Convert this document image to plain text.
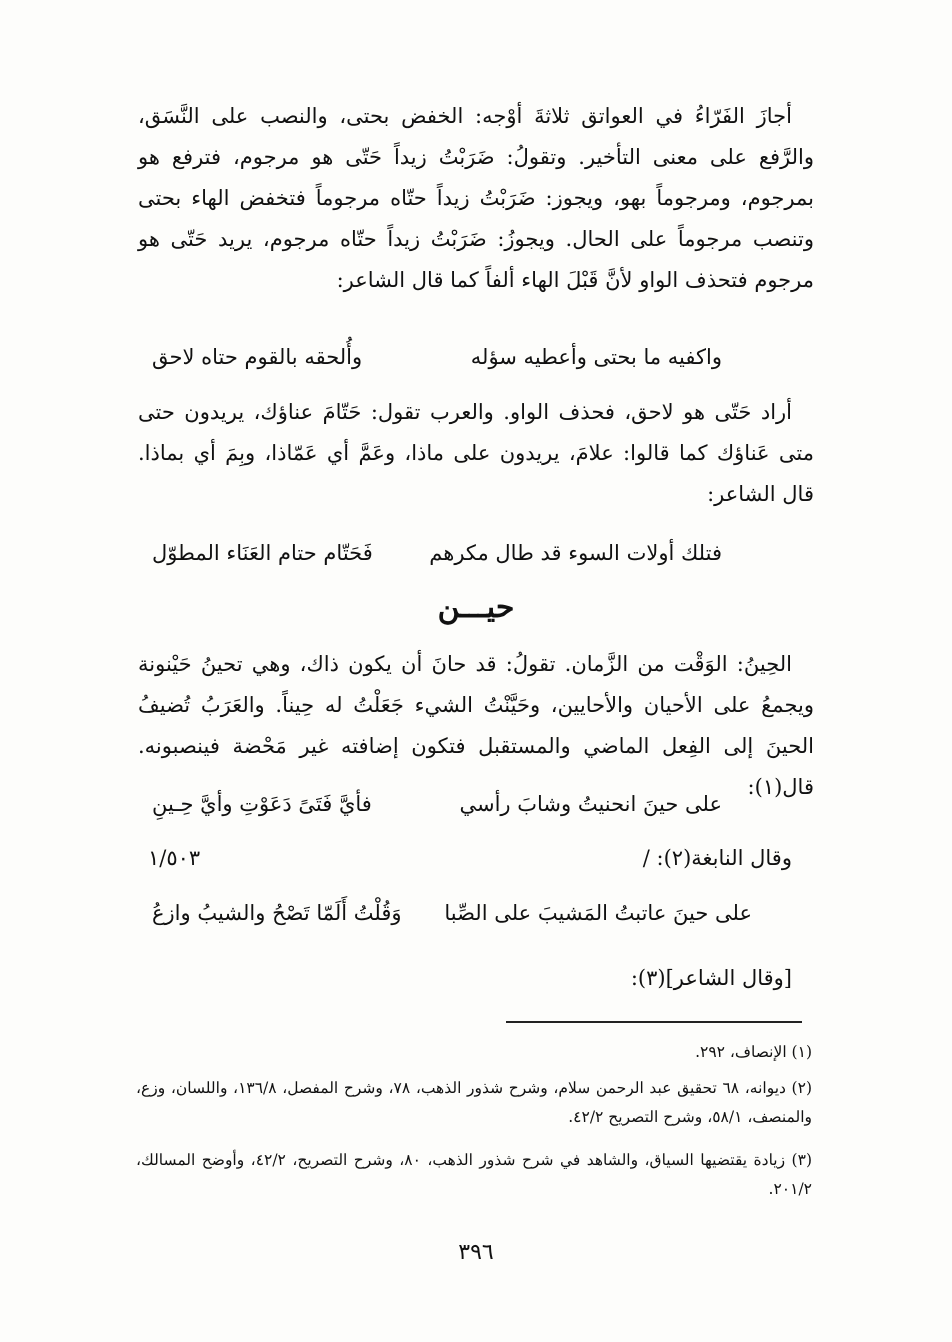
أجازَ الفَرّاءُ في العواتق ثلاثةَ أوْجه: الخفض بحتى، والنصب على النَّسَق، والرَّفع على معنى التأخير. وتقولُ: ضَرَبْتُ زيداً حَتّى هو مرجوم، فترفع هو بمرجوم، ومرجوماً بهو، ويجوز: ضَرَبْتُ زيداً حتّاه مرجوماً فتخفض الهاء بحتى وتنصب مرجوماً على الحال. ويجوزُ: ضَرَبْتُ زيداً حتّاه مرجوم، يريد حَتّى هو مرجوم فتحذف الواو لأنَّ قَبْلَ الهاء ألفاً كما قال الشاعر:

واكفيه ما بحتى وأعطيه سؤله
وأُلحقه بالقوم حتاه لاحق

أراد حَتّى هو لاحق، فحذف الواو. والعرب تقول: حَتّامَ عناؤك، يريدون حتى متى عَناؤك كما قالوا: علامَ، يريدون على ماذا، وعَمَّ أي عَمّاذا، وبِمَ أي بماذا. قال الشاعر:

فتلك أولات السوء قد طال مكرهم
فَحَتّام حتام العَنَاء المطوّل
حيـــن

الحِينُ: الوَقْت من الزَّمان. تقولُ: قد حانَ أن يكون ذاك، وهي تحينُ حَيْنونة ويجمعُ على الأحيان والأحايين، وحَيَّنْتُ الشيء جَعَلْتُ له حِيناً. والعَرَبُ تُضيفُ الحينَ إلى الفِعل الماضي والمستقبل فتكون إضافته غير مَحْضة فينصبونه. قال(١):

على حينَ انحنيتُ وشابَ رأسي
فأيَّ فَتَىً دَعَوْتِ وأيَّ حِـينِ
وقال النابغة(٢): /
١/٥٠٣
على حينَ عاتبتُ المَشيبَ على الصِّبا
وَقُلْتُ أَلَمّا تَصْحُ والشيبُ وازعُ
[وقال الشاعر](٣):
(١) الإنصاف، ٢٩٢.
(٢) ديوانه، ٦٨ تحقيق عبد الرحمن سلام، وشرح شذور الذهب، ٧٨، وشرح المفصل، ١٣٦/٨، واللسان، وزع، والمنصف، ٥٨/١، وشرح التصريح ٤٢/٢.
(٣) زيادة يقتضيها السياق، والشاهد في شرح شذور الذهب، ٨٠، وشرح التصريح، ٤٢/٢، وأوضح المسالك، ٢٠١/٢.
٣٩٦
